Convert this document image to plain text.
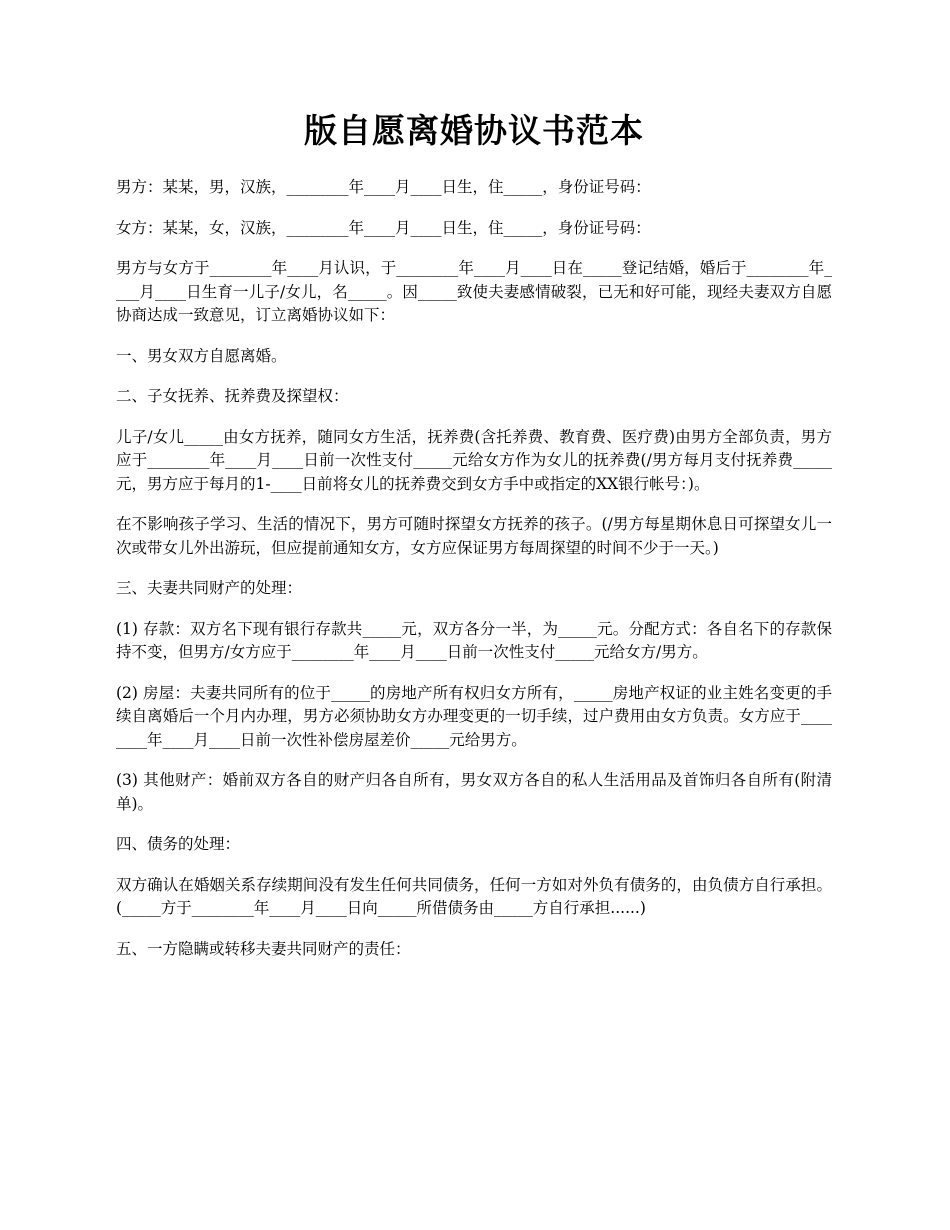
版自愿离婚协议书范本

男方：某某，男，汉族，________年____月____日生，住_____，身份证号码：

女方：某某，女，汉族，________年____月____日生，住_____，身份证号码：

男方与女方于________年____月认识，于________年____月____日在_____登记结婚，婚后于________年____月____日生育一儿子/女儿，名_____。因_____致使夫妻感情破裂，已无和好可能，现经夫妻双方自愿协商达成一致意见，订立离婚协议如下：

一、男女双方自愿离婚。

二、子女抚养、抚养费及探望权：

儿子/女儿_____由女方抚养，随同女方生活，抚养费(含托养费、教育费、医疗费)由男方全部负责，男方应于________年____月____日前一次性支付_____元给女方作为女儿的抚养费(/男方每月支付抚养费_____元，男方应于每月的1-____日前将女儿的抚养费交到女方手中或指定的XX银行帐号：)。

在不影响孩子学习、生活的情况下，男方可随时探望女方抚养的孩子。(/男方每星期休息日可探望女儿一次或带女儿外出游玩，但应提前通知女方，女方应保证男方每周探望的时间不少于一天。)

三、夫妻共同财产的处理：

(1) 存款：双方名下现有银行存款共_____元，双方各分一半，为_____元。分配方式：各自名下的存款保持不变，但男方/女方应于________年____月____日前一次性支付_____元给女方/男方。

(2) 房屋：夫妻共同所有的位于_____的房地产所有权归女方所有，_____房地产权证的业主姓名变更的手续自离婚后一个月内办理，男方必须协助女方办理变更的一切手续，过户费用由女方负责。女方应于________年____月____日前一次性补偿房屋差价_____元给男方。

(3) 其他财产：婚前双方各自的财产归各自所有，男女双方各自的私人生活用品及首饰归各自所有(附清单)。

四、债务的处理：

双方确认在婚姻关系存续期间没有发生任何共同债务，任何一方如对外负有债务的，由负债方自行承担。(_____方于________年____月____日向_____所借债务由_____方自行承担......)

五、一方隐瞒或转移夫妻共同财产的责任：
